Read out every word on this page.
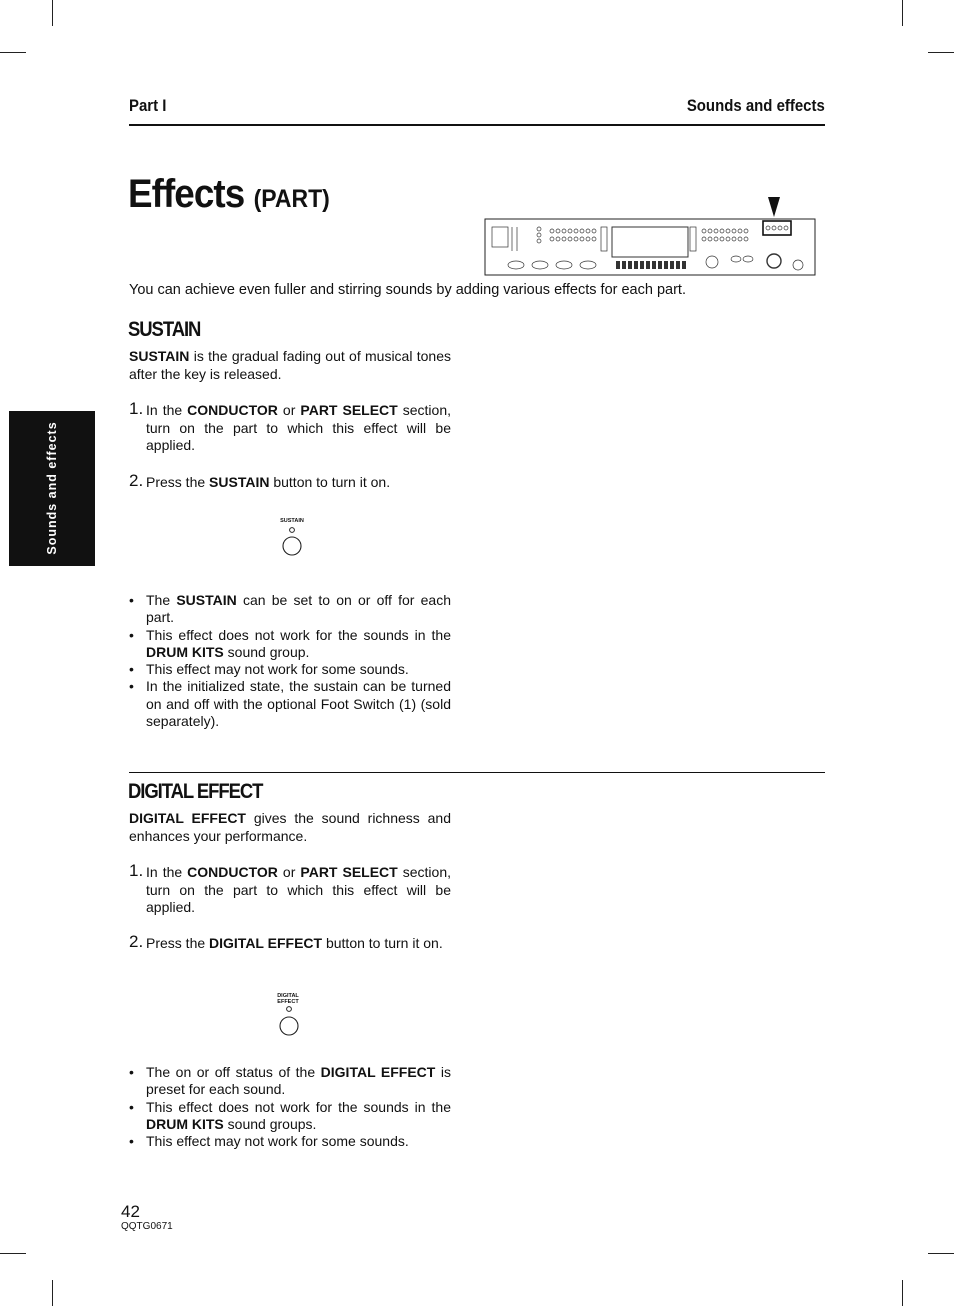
Part I	Sounds and effects
Sounds and effects
Effects (PART)
You can achieve even fuller and stirring sounds by adding various effects for each part.
SUSTAIN
SUSTAIN is the gradual fading out of musical tones after the key is released.
1. In the CONDUCTOR or PART SELECT section, turn on the part to which this effect will be applied.
2. Press the SUSTAIN button to turn it on.
SUSTAIN
• The SUSTAIN can be set to on or off for each part.
• This effect does not work for the sounds in the DRUM KITS sound group.
• This effect may not work for some sounds.
• In the initialized state, the sustain can be turned on and off with the optional Foot Switch (1) (sold separately).
DIGITAL EFFECT
DIGITAL EFFECT gives the sound richness and enhances your performance.
1. In the CONDUCTOR or PART SELECT section, turn on the part to which this effect will be applied.
2. Press the DIGITAL EFFECT button to turn it on.
DIGITAL
EFFECT
• The on or off status of the DIGITAL EFFECT is preset for each sound.
• This effect does not work for the sounds in the DRUM KITS sound groups.
• This effect may not work for some sounds.
42
QQTG0671
